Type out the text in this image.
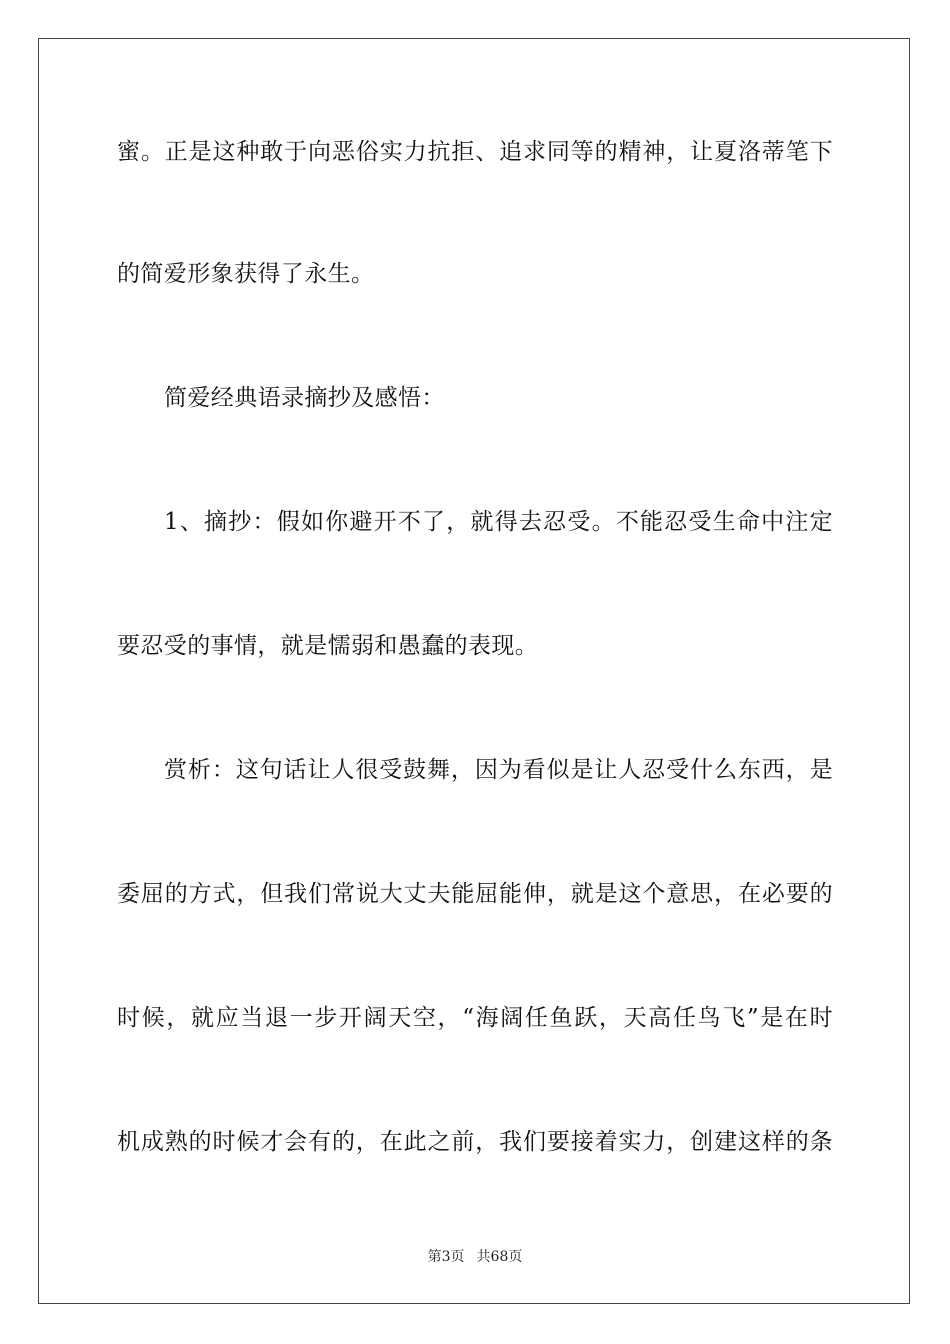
蜜。正是这种敢于向恶俗实力抗拒、追求同等的精神，让夏洛蒂笔下
的简爱形象获得了永生。
简爱经典语录摘抄及感悟：
1、摘抄：假如你避开不了，就得去忍受。不能忍受生命中注定
要忍受的事情，就是懦弱和愚蠢的表现。
赏析：这句话让人很受鼓舞，因为看似是让人忍受什么东西，是
委屈的方式，但我们常说大丈夫能屈能伸，就是这个意思，在必要的
时候，就应当退一步开阔天空，“海阔任鱼跃，天高任鸟飞”是在时
机成熟的时候才会有的，在此之前，我们要接着实力，创建这样的条
第3页 共68页
